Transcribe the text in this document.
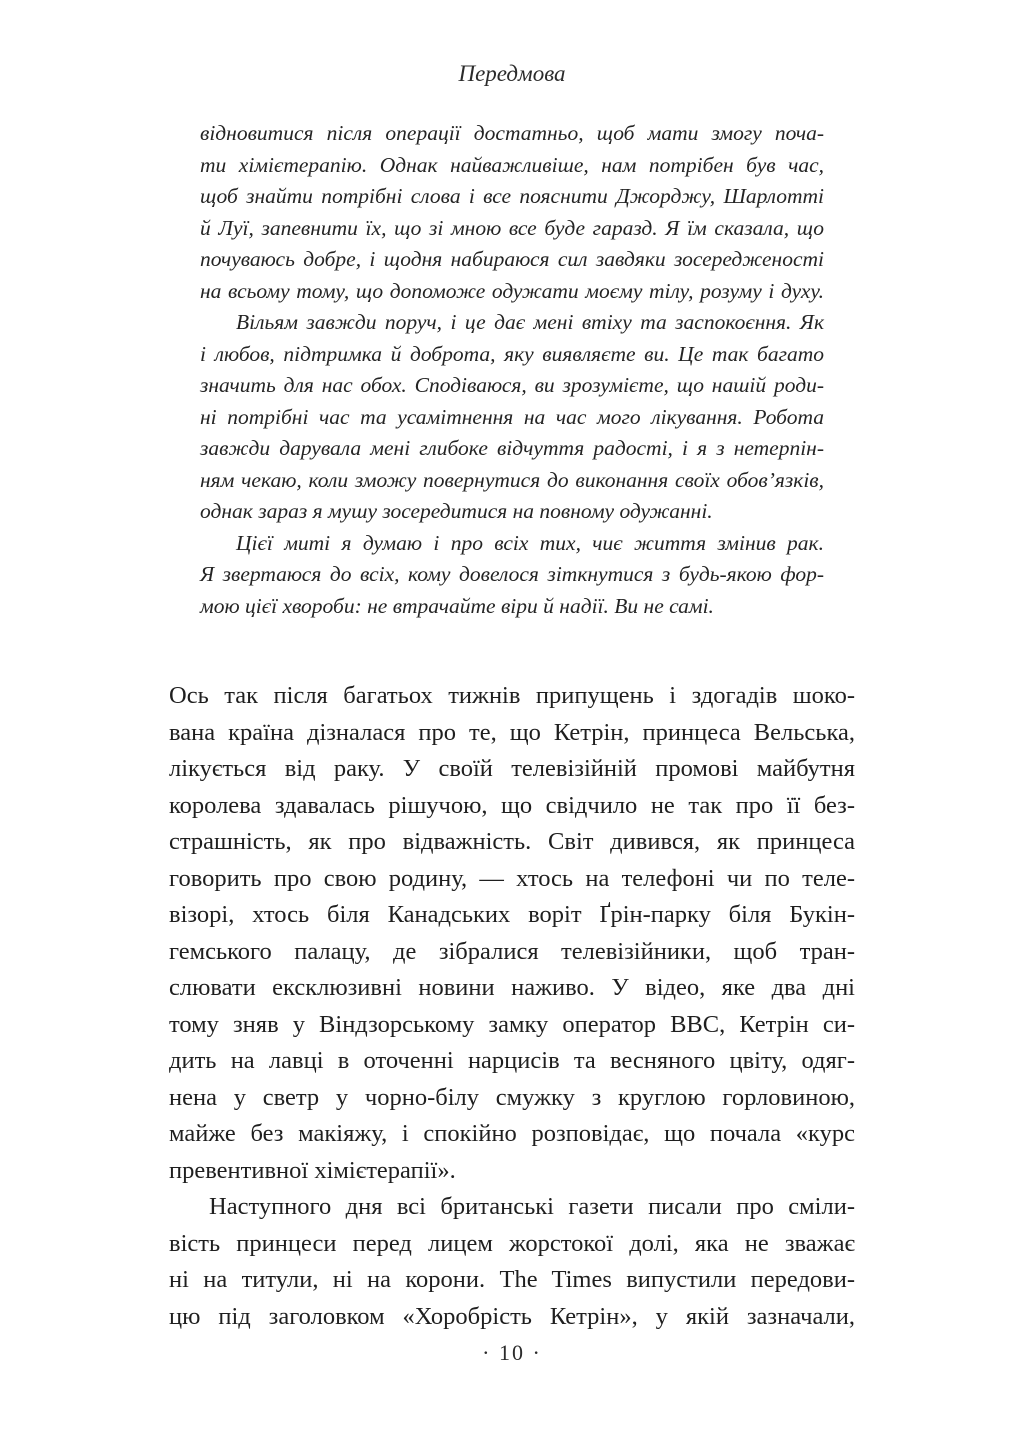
Передмова
відновитися після операції достатньо, щоб мати змогу поча-
ти хімієтерапію. Однак найважливіше, нам потрібен був час,
щоб знайти потрібні слова і все пояснити Джорджу, Шарлотті
й Луї, запевнити їх, що зі мною все буде гаразд. Я їм сказала, що
почуваюсь добре, і щодня набираюся сил завдяки зосередженості
на всьому тому, що допоможе одужати моєму тілу, розуму і духу.
Вільям завжди поруч, і це дає мені втіху та заспокоєння. Як
і любов, підтримка й доброта, яку виявляєте ви. Це так багато
значить для нас обох. Сподіваюся, ви зрозумієте, що нашій роди-
ні потрібні час та усамітнення на час мого лікування. Робота
завжди дарувала мені глибоке відчуття радості, і я з нетерпін-
ням чекаю, коли зможу повернутися до виконання своїх обов’язків,
однак зараз я мушу зосередитися на повному одужанні.
Цієї миті я думаю і про всіх тих, чиє життя змінив рак.
Я звертаюся до всіх, кому довелося зіткнутися з будь-якою фор-
мою цієї хвороби: не втрачайте віри й надії. Ви не самі.
Ось так після багатьох тижнів припущень і здогадів шоко-
вана країна дізналася про те, що Кетрін, принцеса Вельська,
лікується від раку. У своїй телевізійній промові майбутня
королева здавалась рішучою, що свідчило не так про її без-
страшність, як про відважність. Світ дивився, як принцеса
говорить про свою родину, — хтось на телефоні чи по теле-
візорі, хтось біля Канадських воріт Ґрін-парку біля Букін-
гемського палацу, де зібралися телевізійники, щоб тран-
слювати ексклюзивні новини наживо. У відео, яке два дні
тому зняв у Віндзорському замку оператор BBC, Кетрін си-
дить на лавці в оточенні нарцисів та весняного цвіту, одяг-
нена у светр у чорно-білу смужку з круглою горловиною,
майже без макіяжу, і спокійно розповідає, що почала «курс
превентивної хімієтерапії».
Наступного дня всі британські газети писали про сміли-
вість принцеси перед лицем жорстокої долі, яка не зважає
ні на титули, ні на корони. The Times випустили передови-
цю під заголовком «Хоробрість Кетрін», у якій зазначали,
· 10 ·
